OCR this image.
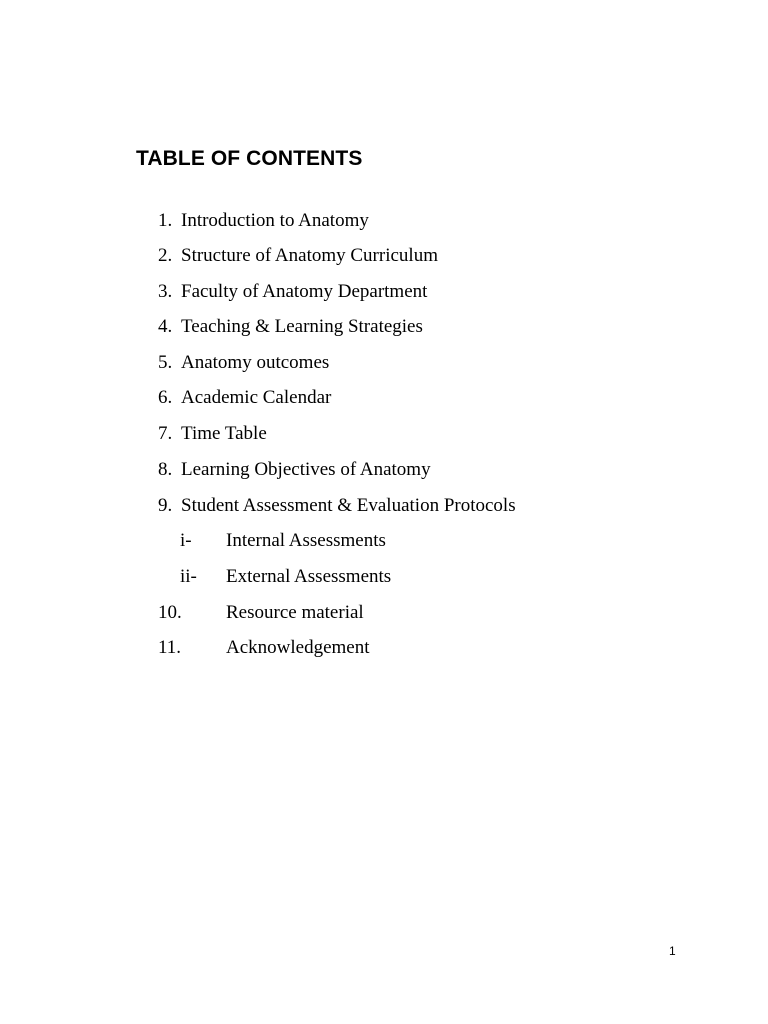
TABLE OF CONTENTS
1. Introduction to Anatomy
2. Structure of Anatomy Curriculum
3. Faculty of Anatomy Department
4. Teaching & Learning Strategies
5. Anatomy outcomes
6. Academic Calendar
7. Time Table
8. Learning Objectives of Anatomy
9. Student Assessment & Evaluation Protocols
i- Internal Assessments
ii- External Assessments
10. Resource material
11. Acknowledgement
1
